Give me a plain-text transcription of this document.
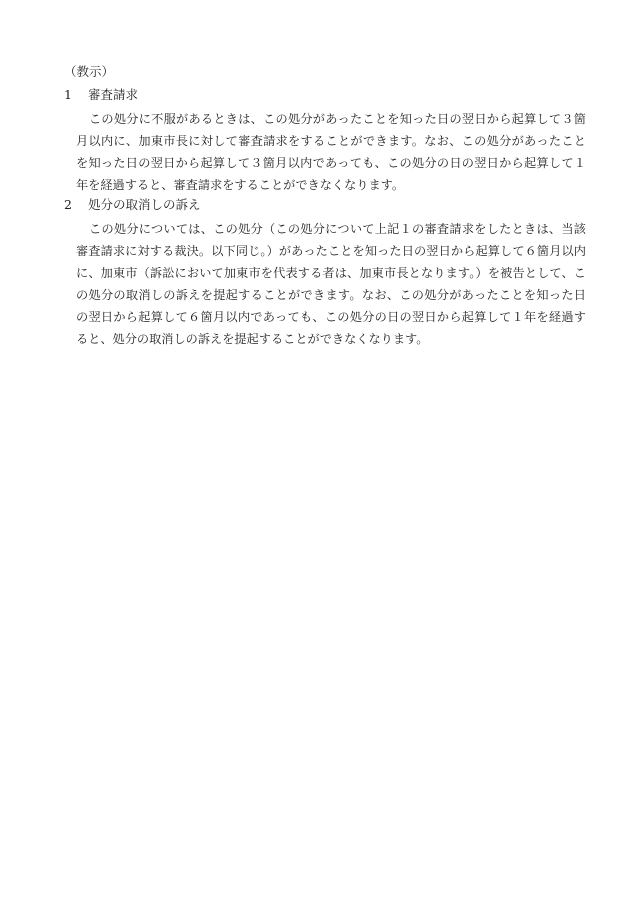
（教示）
1 審査請求
この処分に不服があるときは、この処分があったことを知った日の翌日から起算して３箇月以内に、加東市長に対して審査請求をすることができます。なお、この処分があったことを知った日の翌日から起算して３箇月以内であっても、この処分の日の翌日から起算して１年を経過すると、審査請求をすることができなくなります。
2 処分の取消しの訴え
この処分については、この処分（この処分について上記１の審査請求をしたときは、当該審査請求に対する裁決。以下同じ。）があったことを知った日の翌日から起算して６箇月以内に、加東市（訴訟において加東市を代表する者は、加東市長となります。）を被告として、この処分の取消しの訴えを提起することができます。なお、この処分があったことを知った日の翌日から起算して６箇月以内であっても、この処分の日の翌日から起算して１年を経過すると、処分の取消しの訴えを提起することができなくなります。
